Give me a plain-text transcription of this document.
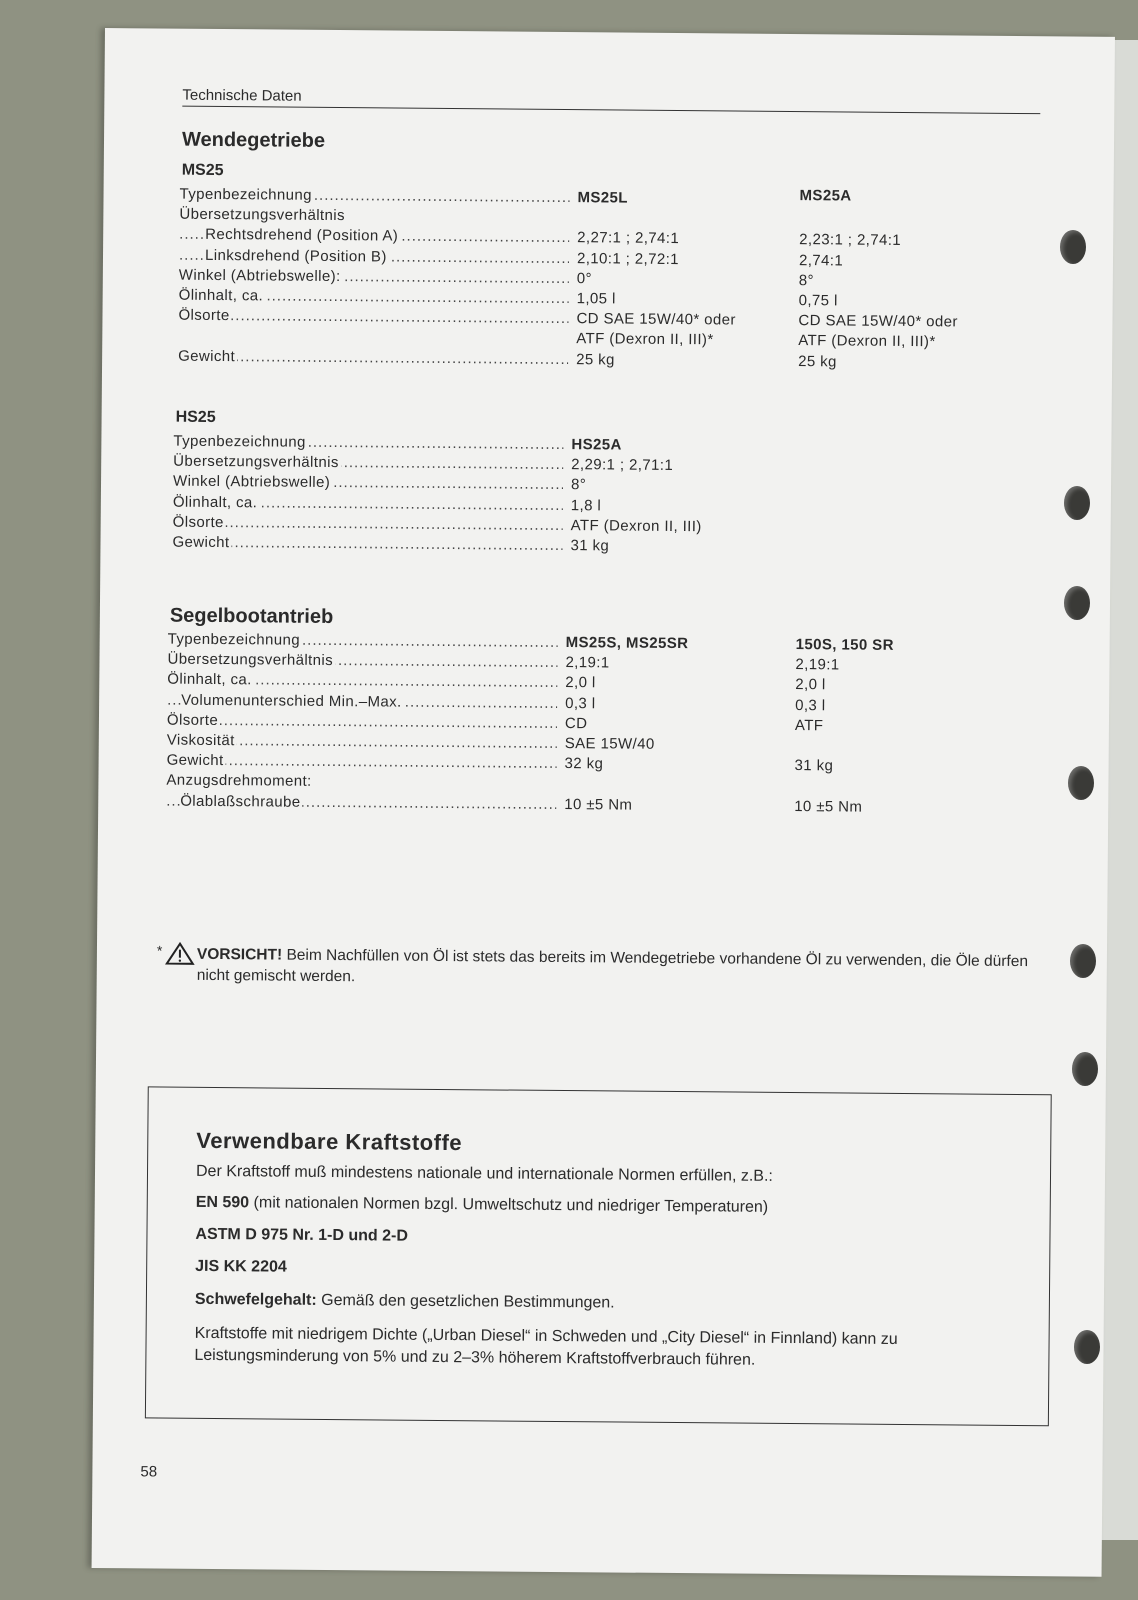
Technische Daten
Wendegetriebe
MS25
Typenbezeichnung .....	MS25L	MS25A
Übersetzungsverhältnis
Rechtsdrehend (Position A) .....	2,27:1 ; 2,74:1	2,23:1 ; 2,74:1
Linksdrehend (Position B) .....	2,10:1 ; 2,72:1	2,74:1
Winkel (Abtriebswelle): .....	0°	8°
Ölinhalt, ca. .....	1,05 l	0,75 l
Ölsorte .....	CD SAE 15W/40* oder	CD SAE 15W/40* oder
ATF (Dexron II, III)*	ATF (Dexron II, III)*
Gewicht .....	25 kg	25 kg
HS25
Typenbezeichnung .....	HS25A
Übersetzungsverhältnis .....	2,29:1 ; 2,71:1
Winkel (Abtriebswelle) .....	8°
Ölinhalt, ca. .....	1,8 l
Ölsorte .....	ATF (Dexron II, III)
Gewicht .....	31 kg
Segelbootantrieb
Typenbezeichnung .....	MS25S, MS25SR	150S, 150 SR
Übersetzungsverhältnis .....	2,19:1	2,19:1
Ölinhalt, ca. .....	2,0 l	2,0 l
Volumenunterschied Min.–Max. .....	0,3 l	0,3 l
Ölsorte .....	CD	ATF
Viskosität .....	SAE 15W/40
Gewicht .....	32 kg	31 kg
Anzugsdrehmoment:
Ölablaßschraube .....	10 ±5 Nm	10 ±5 Nm
*	VORSICHT! Beim Nachfüllen von Öl ist stets das bereits im Wendegetriebe vorhandene Öl zu verwenden, die Öle dürfen nicht gemischt werden.
Verwendbare Kraftstoffe

Der Kraftstoff muß mindestens nationale und internationale Normen erfüllen, z.B.:

EN 590 (mit nationalen Normen bzgl. Umweltschutz und niedriger Temperaturen)

ASTM D 975 Nr. 1-D und 2-D

JIS KK 2204

Schwefelgehalt: Gemäß den gesetzlichen Bestimmungen.

Kraftstoffe mit niedrigem Dichte („Urban Diesel“ in Schweden und „City Diesel“ in Finnland) kann zu Leistungsminderung von 5% und zu 2–3% höherem Kraftstoffverbrauch führen.

58
